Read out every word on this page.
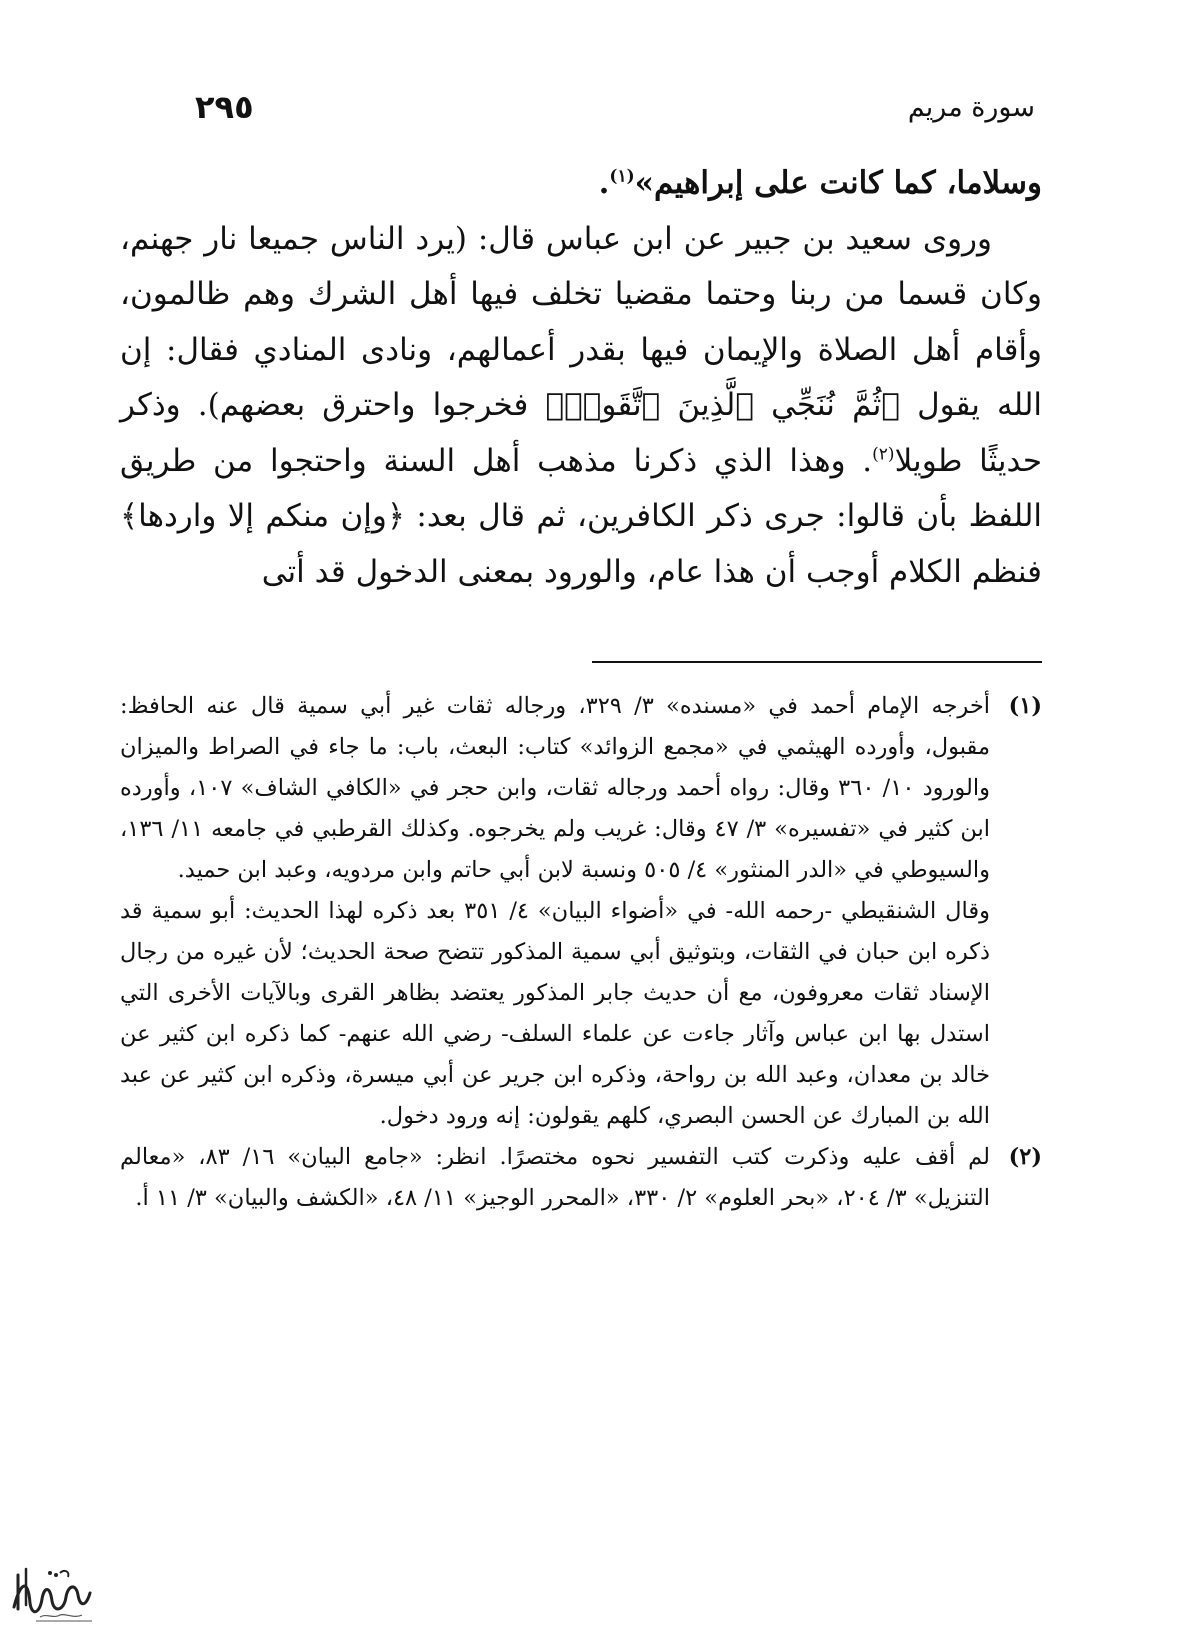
سورة مريم
٢٩٥

وسلاما، كما كانت على إبراهيم»$^{(١)}$.

وروى سعيد بن جبير عن ابن عباس قال: (يرد الناس جميعا نار جهنم، وكان قسما من ربنا وحتما مقضيا تخلف فيها أهل الشرك وهم ظالمون، وأقام أهل الصلاة والإيمان فيها بقدر أعمالهم، ونادى المنادي فقال: إن الله يقول ﴿ثُمَّ نُنَجِّي ٱلَّذِينَ ٱتَّقَوا۟﴾ فخرجوا واحترق بعضهم). وذكر حديثًا طويلا$^{(٢)}$. وهذا الذي ذكرنا مذهب أهل السنة واحتجوا من طريق اللفظ بأن قالوا: جرى ذكر الكافرين، ثم قال بعد: ﴿وإن منكم إلا واردها﴾ فنظم الكلام أوجب أن هذا عام، والورود بمعنى الدخول قد أتى

(١)
أخرجه الإمام أحمد في «مسنده» ٣/ ٣٢٩، ورجاله ثقات غير أبي سمية قال عنه الحافظ: مقبول، وأورده الهيثمي في «مجمع الزوائد» كتاب: البعث، باب: ما جاء في الصراط والميزان والورود ١٠/ ٣٦٠ وقال: رواه أحمد ورجاله ثقات، وابن حجر في «الكافي الشاف» ١٠٧، وأورده ابن كثير في «تفسيره» ٣/ ٤٧ وقال: غريب ولم يخرجوه. وكذلك القرطبي في جامعه ١١/ ١٣٦، والسيوطي في «الدر المنثور» ٤/ ٥٠٥ ونسبة لابن أبي حاتم وابن مردويه، وعبد ابن حميد.
وقال الشنقيطي -رحمه الله- في «أضواء البيان» ٤/ ٣٥١ بعد ذكره لهذا الحديث: أبو سمية قد ذكره ابن حبان في الثقات، وبتوثيق أبي سمية المذكور تتضح صحة الحديث؛ لأن غيره من رجال الإسناد ثقات معروفون، مع أن حديث جابر المذكور يعتضد بظاهر القرى وبالآيات الأخرى التي استدل بها ابن عباس وآثار جاءت عن علماء السلف- رضي الله عنهم- كما ذكره ابن كثير عن خالد بن معدان، وعبد الله بن رواحة، وذكره ابن جرير عن أبي ميسرة، وذكره ابن كثير عن عبد الله بن المبارك عن الحسن البصري، كلهم يقولون: إنه ورود دخول.
(٢)
لم أقف عليه وذكرت كتب التفسير نحوه مختصرًا. انظر: «جامع البيان» ١٦/ ٨٣، «معالم التنزيل» ٣/ ٢٠٤، «بحر العلوم» ٢/ ٣٣٠، «المحرر الوجيز» ١١/ ٤٨، «الكشف والبيان» ٣/ ١١ أ.
